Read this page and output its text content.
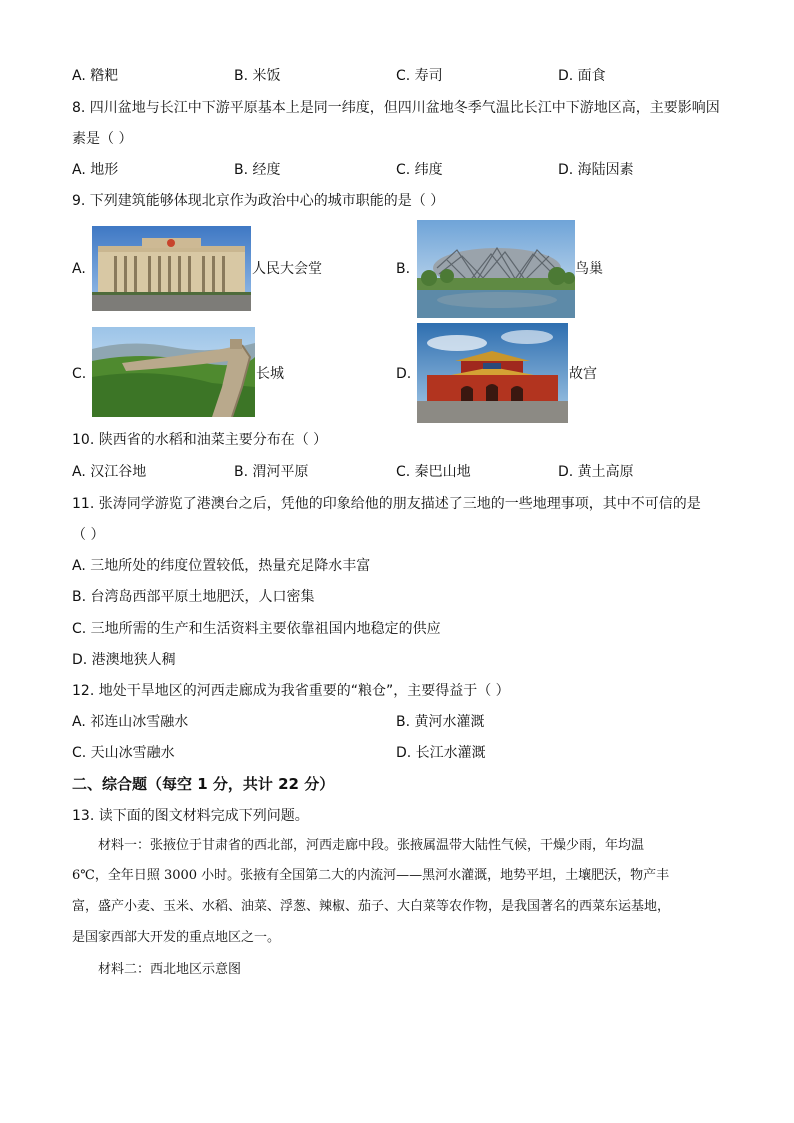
A. 糌粑	B. 米饭	C. 寿司	D. 面食
8. 四川盆地与长江中下游平原基本上是同一纬度，但四川盆地冬季气温比长江中下游地区高，主要影响因
素是（ ）
A. 地形	B. 经度	C. 纬度	D. 海陆因素
9. 下列建筑能够体现北京作为政治中心的城市职能的是（ ）
A.	人民大会堂	B.	鸟巢
C.	长城	D.	故宫
10. 陕西省的水稻和油菜主要分布在（ ）
A. 汉江谷地	B. 渭河平原	C. 秦巴山地	D. 黄土高原
11. 张涛同学游览了港澳台之后，凭他的印象给他的朋友描述了三地的一些地理事项，其中不可信的是
（ ）
A. 三地所处的纬度位置较低，热量充足降水丰富
B. 台湾岛西部平原土地肥沃，人口密集
C. 三地所需的生产和生活资料主要依靠祖国内地稳定的供应
D. 港澳地狭人稠
12. 地处干旱地区的河西走廊成为我省重要的“粮仓”，主要得益于（ ）
A. 祁连山冰雪融水	B. 黄河水灌溉
C. 天山冰雪融水	D. 长江水灌溉
二、综合题（每空 1 分，共计 22 分）
13. 读下面的图文材料完成下列问题。
材料一：张掖位于甘肃省的西北部，河西走廊中段。张掖属温带大陆性气候，干燥少雨，年均温
6℃，全年日照 3000 小时。张掖有全国第二大的内流河——黑河水灌溉，地势平坦，土壤肥沃，物产丰
富，盛产小麦、玉米、水稻、油菜、浮葱、辣椒、茄子、大白菜等农作物，是我国著名的西菜东运基地，
是国家西部大开发的重点地区之一。
材料二：西北地区示意图
